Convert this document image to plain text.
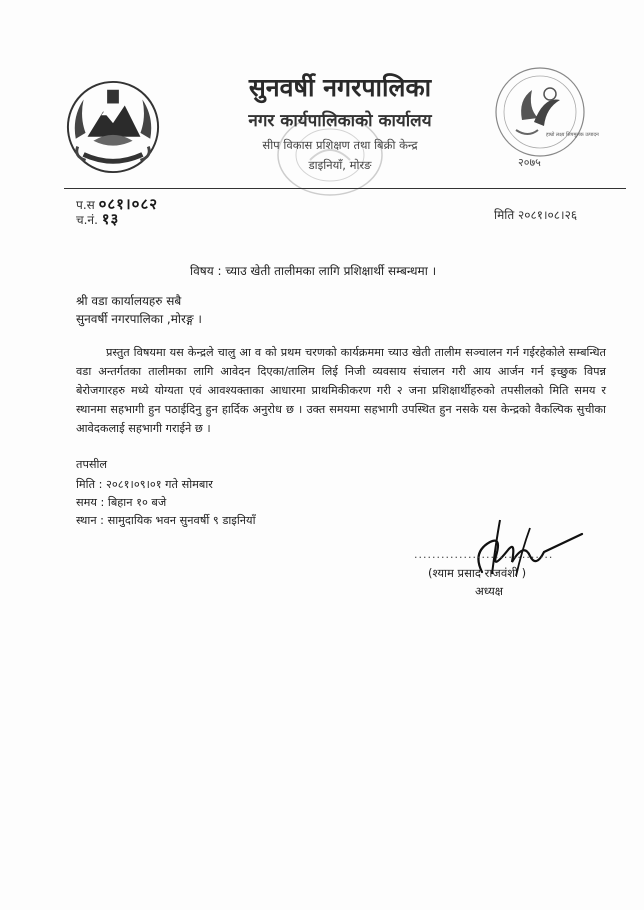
सुनवर्षी नगरपालिका
नगर कार्यपालिकाको कार्यालय
सीप विकास प्रशिक्षण तथा बिक्री केन्द्र
डाइनियाँ, मोरङ	२०७५
हाम्रो लक्ष्य सिपमूलक उत्पादन
प.स ०८१।०८२
च.नं. १३	मिति २०८१।०८।२६
विषय : च्याउ खेती तालीमका लागि प्रशिक्षार्थी सम्बन्धमा ।
श्री वडा कार्यालयहरु सबै
सुनवर्षी नगरपालिका ,मोरङ्ग ।
प्रस्तुत विषयमा यस केन्द्रले चालु आ व को प्रथम चरणको कार्यक्रममा च्याउ खेती तालीम सञ्चालन गर्न गईरहेकोले सम्बन्धित वडा अन्तर्गतका तालीमका लागि आवेदन दिएका/तालिम लिई निजी व्यवसाय संचालन गरी आय आर्जन गर्न इच्छुक विपन्न बेरोजगारहरु मध्ये योग्यता एवं आवश्यक्ताका आधारमा प्राथमिकीकरण गरी २ जना प्रशिक्षार्थीहरुको तपसीलको मिति समय र स्थानमा सहभागी हुन पठाईदिनु हुन हार्दिक अनुरोध छ । उक्त समयमा सहभागी उपस्थित हुन नसके यस केन्द्रको वैकल्पिक सुचीका आवेदकलाई सहभागी गराईने छ ।
तपसील
मिति : २०८१।०९।०१ गते सोमबार
समय : बिहान १० बजे
स्थान : सामुदायिक भवन सुनवर्षी ९ डाइनियाँ
...............................
(श्याम प्रसाद राजवंशी )
अध्यक्ष
